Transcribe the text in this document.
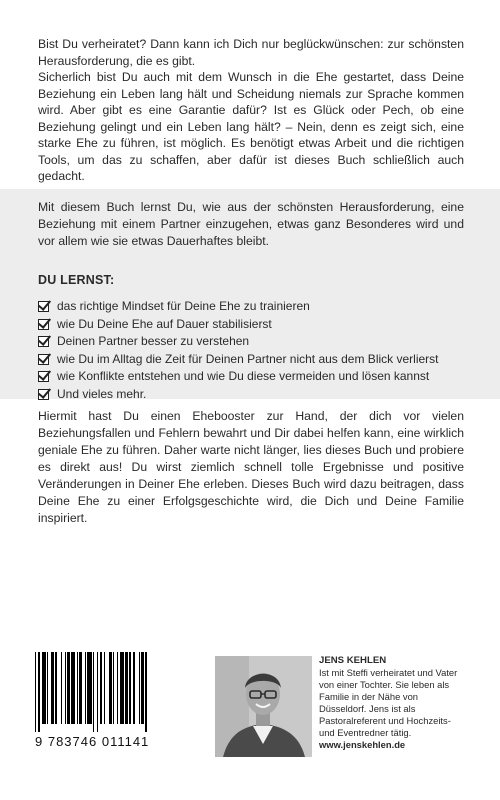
Bist Du verheiratet? Dann kann ich Dich nur beglückwünschen: zur schönsten Herausforderung, die es gibt.

Sicherlich bist Du auch mit dem Wunsch in die Ehe gestartet, dass Deine Beziehung ein Leben lang hält und Scheidung niemals zur Sprache kommen wird. Aber gibt es eine Garantie dafür? Ist es Glück oder Pech, ob eine Beziehung gelingt und ein Leben lang hält? – Nein, denn es zeigt sich, eine starke Ehe zu führen, ist möglich. Es benötigt etwas Arbeit und die richtigen Tools, um das zu schaffen, aber dafür ist dieses Buch schließlich auch gedacht.

Mit diesem Buch lernst Du, wie aus der schönsten Herausforderung, eine Beziehung mit einem Partner einzugehen, etwas ganz Besonderes wird und vor allem wie sie etwas Dauerhaftes bleibt.

DU LERNST:
das richtige Mindset für Deine Ehe zu trainieren
wie Du Deine Ehe auf Dauer stabilisierst
Deinen Partner besser zu verstehen
wie Du im Alltag die Zeit für Deinen Partner nicht aus dem Blick verlierst
wie Konflikte entstehen und wie Du diese vermeiden und lösen kannst
Und vieles mehr.

Hiermit hast Du einen Ehebooster zur Hand, der dich vor vielen Beziehungsfallen und Fehlern bewahrt und Dir dabei helfen kann, eine wirklich geniale Ehe zu führen. Daher warte nicht länger, lies dieses Buch und probiere es direkt aus! Du wirst ziemlich schnell tolle Ergebnisse und positive Veränderungen in Deiner Ehe erleben. Dieses Buch wird dazu beitragen, dass Deine Ehe zu einer Erfolgsgeschichte wird, die Dich und Deine Familie inspiriert.

9 783746 011141
JENS KEHLEN
Ist mit Steffi verheiratet und Vater von einer Tochter. Sie leben als Familie in der Nähe von Düsseldorf. Jens ist als Pastoralreferent und Hochzeits- und Eventredner tätig.
www.jenskehlen.de
